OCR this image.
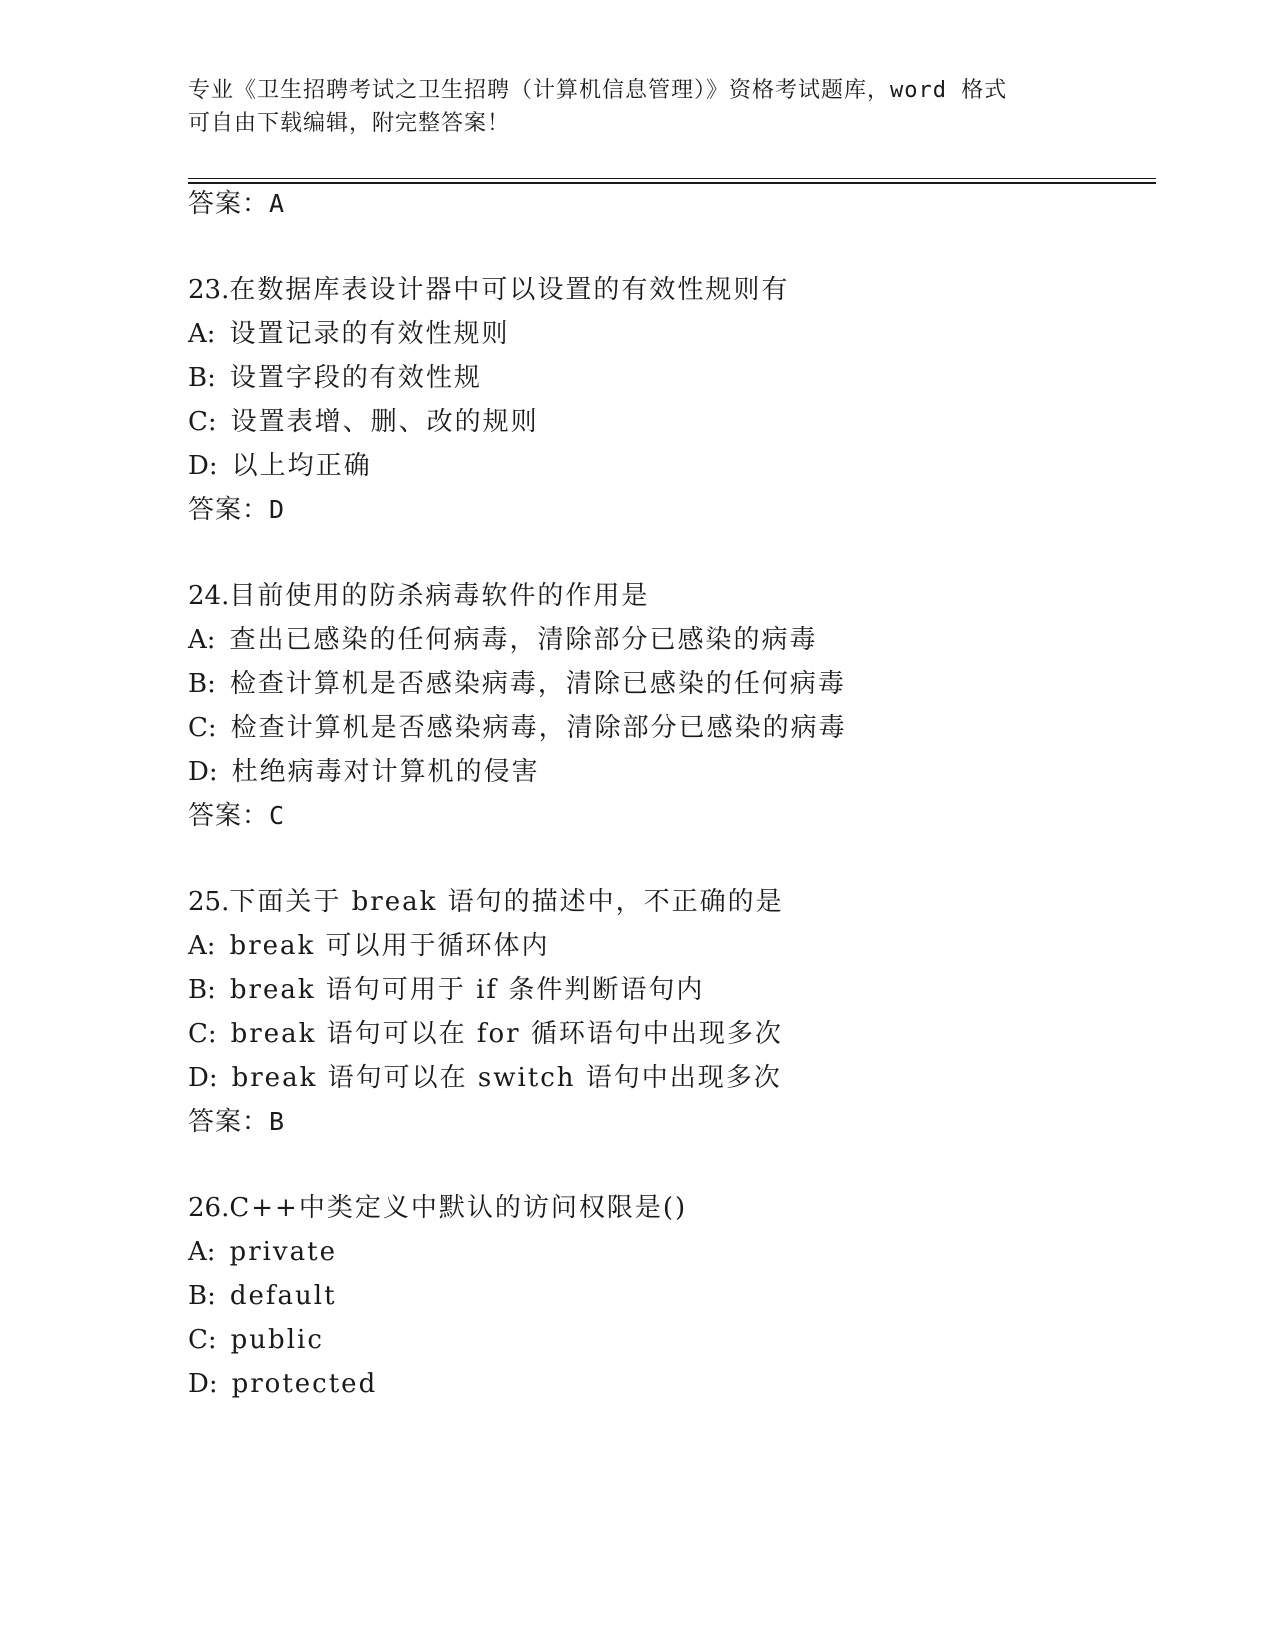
专业《卫生招聘考试之卫生招聘（计算机信息管理）》资格考试题库，word 格式
可自由下载编辑，附完整答案！
答案：A
23.在数据库表设计器中可以设置的有效性规则有
A: 设置记录的有效性规则
B: 设置字段的有效性规
C: 设置表增、删、改的规则
D: 以上均正确
答案：D
24.目前使用的防杀病毒软件的作用是
A: 查出已感染的任何病毒，清除部分已感染的病毒
B: 检查计算机是否感染病毒，清除已感染的任何病毒
C: 检查计算机是否感染病毒，清除部分已感染的病毒
D: 杜绝病毒对计算机的侵害
答案：C
25.下面关于 break 语句的描述中，不正确的是
A: break 可以用于循环体内
B: break 语句可用于 if 条件判断语句内
C: break 语句可以在 for 循环语句中出现多次
D: break 语句可以在 switch 语句中出现多次
答案：B
26.C++中类定义中默认的访问权限是()
A: private
B: default
C: public
D: protected
